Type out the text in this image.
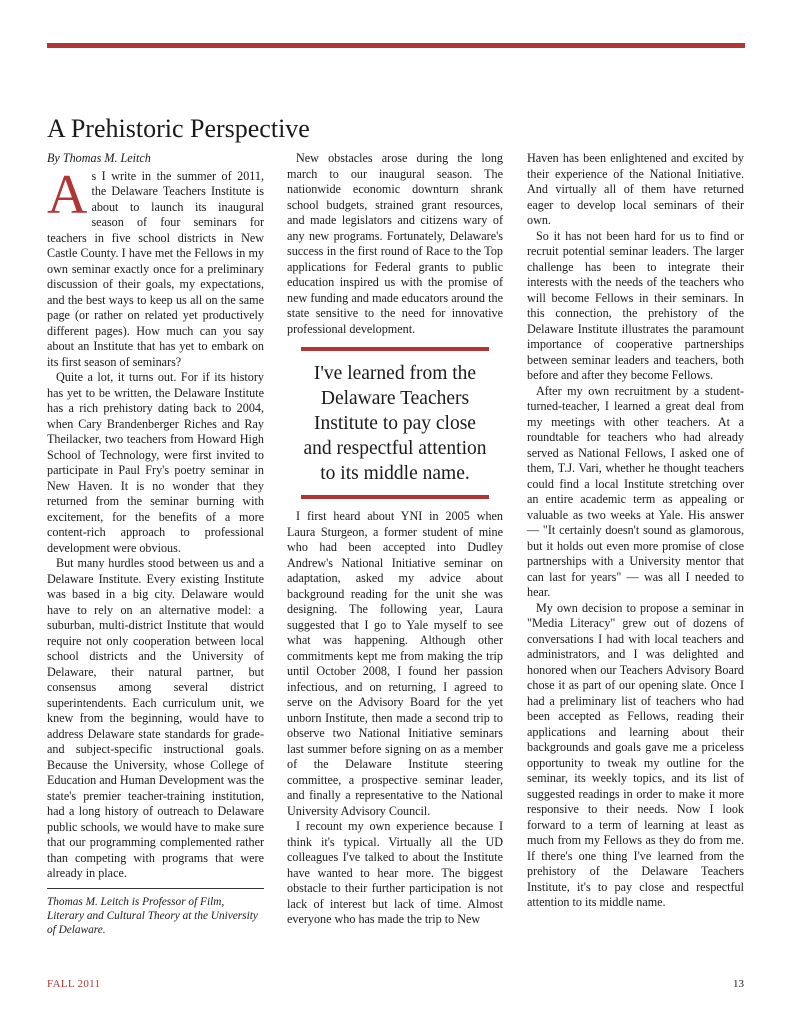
A Prehistoric Perspective

By Thomas M. Leitch

As I write in the summer of 2011, the Delaware Teachers Institute is about to launch its inaugural season of four seminars for teachers in five school districts in New Castle County. I have met the Fellows in my own seminar exactly once for a preliminary discussion of their goals, my expectations, and the best ways to keep us all on the same page (or rather on related yet productively different pages). How much can you say about an Institute that has yet to embark on its first season of seminars?

Quite a lot, it turns out. For if its history has yet to be written, the Delaware Institute has a rich prehistory dating back to 2004, when Cary Brandenberger Riches and Ray Theilacker, two teachers from Howard High School of Technology, were first invited to participate in Paul Fry's poetry seminar in New Haven. It is no wonder that they returned from the seminar burning with excitement, for the benefits of a more content-rich approach to professional development were obvious.

But many hurdles stood between us and a Delaware Institute. Every existing Institute was based in a big city. Delaware would have to rely on an alternative model: a suburban, multi-district Institute that would require not only cooperation between local school districts and the University of Delaware, their natural partner, but consensus among several district superintendents. Each curriculum unit, we knew from the beginning, would have to address Delaware state standards for grade- and subject-specific instructional goals. Because the University, whose College of Education and Human Development was the state's premier teacher-training institution, had a long history of outreach to Delaware public schools, we would have to make sure that our programming complemented rather than competing with programs that were already in place.

Thomas M. Leitch is Professor of Film, Literary and Cultural Theory at the University of Delaware.

New obstacles arose during the long march to our inaugural season. The nationwide economic downturn shrank school budgets, strained grant resources, and made legislators and citizens wary of any new programs. Fortunately, Delaware's success in the first round of Race to the Top applications for Federal grants to public education inspired us with the promise of new funding and made educators around the state sensitive to the need for innovative professional development.

I've learned from the Delaware Teachers Institute to pay close and respectful attention to its middle name.

I first heard about YNI in 2005 when Laura Sturgeon, a former student of mine who had been accepted into Dudley Andrew's National Initiative seminar on adaptation, asked my advice about background reading for the unit she was designing. The following year, Laura suggested that I go to Yale myself to see what was happening. Although other commitments kept me from making the trip until October 2008, I found her passion infectious, and on returning, I agreed to serve on the Advisory Board for the yet unborn Institute, then made a second trip to observe two National Initiative seminars last summer before signing on as a member of the Delaware Institute steering committee, a prospective seminar leader, and finally a representative to the National University Advisory Council.

I recount my own experience because I think it's typical. Virtually all the UD colleagues I've talked to about the Institute have wanted to hear more. The biggest obstacle to their further participation is not lack of interest but lack of time. Almost everyone who has made the trip to New

Haven has been enlightened and excited by their experience of the National Initiative. And virtually all of them have returned eager to develop local seminars of their own.

So it has not been hard for us to find or recruit potential seminar leaders. The larger challenge has been to integrate their interests with the needs of the teachers who will become Fellows in their seminars. In this connection, the prehistory of the Delaware Institute illustrates the paramount importance of cooperative partnerships between seminar leaders and teachers, both before and after they become Fellows.

After my own recruitment by a student-turned-teacher, I learned a great deal from my meetings with other teachers. At a roundtable for teachers who had already served as National Fellows, I asked one of them, T.J. Vari, whether he thought teachers could find a local Institute stretching over an entire academic term as appealing or valuable as two weeks at Yale. His answer — "It certainly doesn't sound as glamorous, but it holds out even more promise of close partnerships with a University mentor that can last for years" — was all I needed to hear.

My own decision to propose a seminar in "Media Literacy" grew out of dozens of conversations I had with local teachers and administrators, and I was delighted and honored when our Teachers Advisory Board chose it as part of our opening slate. Once I had a preliminary list of teachers who had been accepted as Fellows, reading their applications and learning about their backgrounds and goals gave me a priceless opportunity to tweak my outline for the seminar, its weekly topics, and its list of suggested readings in order to make it more responsive to their needs. Now I look forward to a term of learning at least as much from my Fellows as they do from me. If there's one thing I've learned from the prehistory of the Delaware Teachers Institute, it's to pay close and respectful attention to its middle name.

FALL 2011	13
